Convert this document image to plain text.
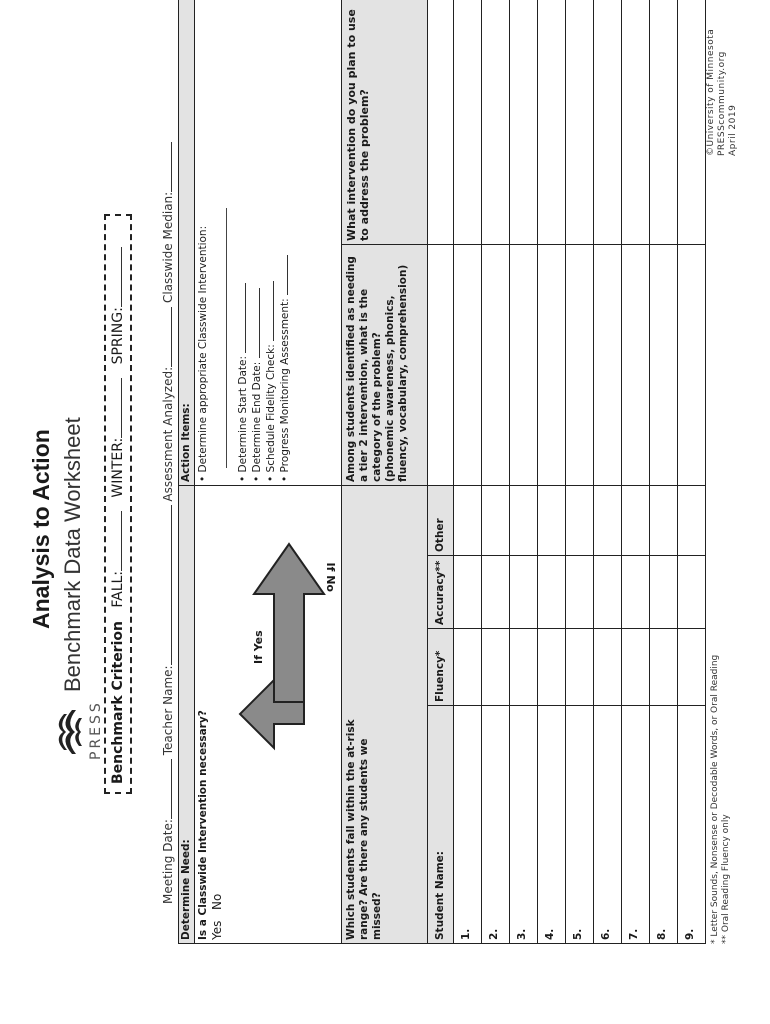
PRESS
Analysis to Action Benchmark Data Worksheet
Benchmark Criterion   FALL:   WINTER:   SPRING:
Meeting Date: Teacher Name: Assessment Analyzed: Classwide Median:
Determine Need: Is a Classwide Intervention necessary? Yes
No
If Yes
If No
Action Items: • Determine appropriate Classwide Intervention:
• Determine Start Date:
• Determine End Date:
• Schedule Fidelity Check:
• Progress Monitoring Assessment:
Which students fall within the at-risk range? Are there any students we missed?
Among students identified as needing a tier 2 intervention, what is the category of the problem?
(phonemic awareness, phonics, fluency, vocabulary, comprehension)
What intervention do you plan to use to address the problem?
Student Name:
Fluency*
Accuracy**
Other
1. 2. 3. 4. 5. 6. 7. 8. 9. * Letter Sounds, Nonsense or Decodable Words, or Oral Reading ** Oral Reading Fluency only
©University of Minnesota PRESScommunity.org April 2019
